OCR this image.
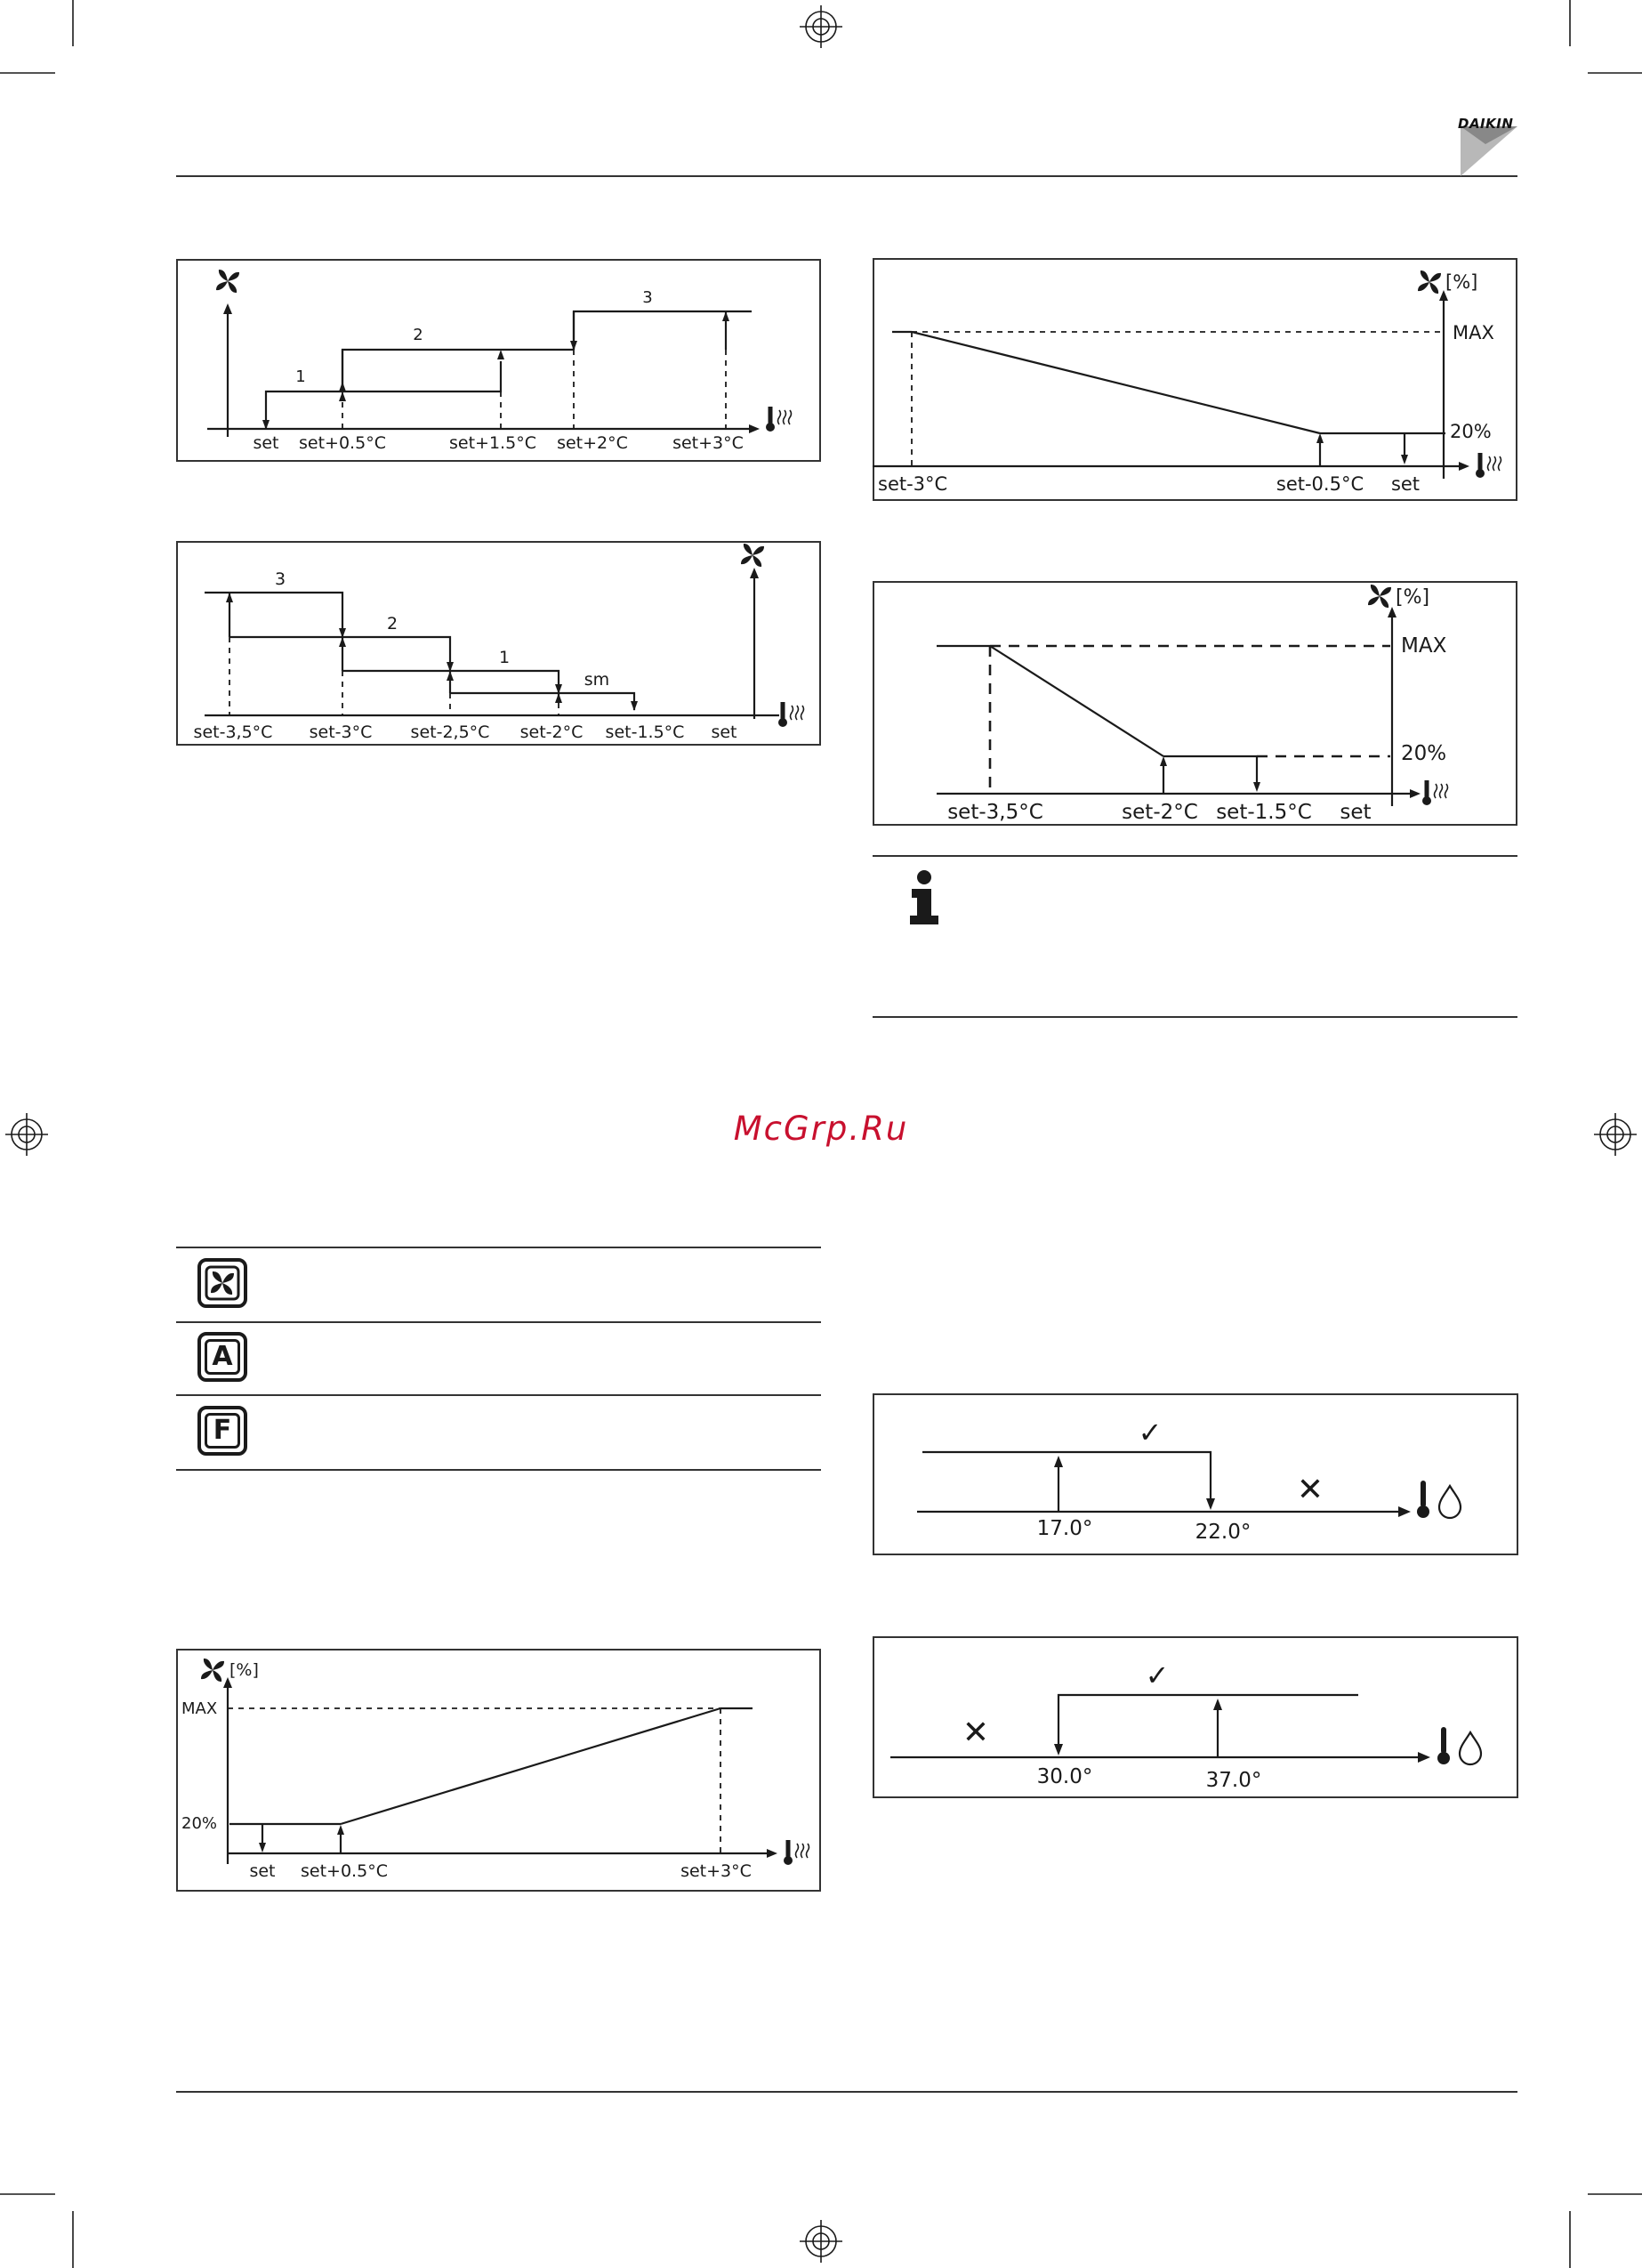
DAIKIN
1
2
3
set set+0.5°C	set+1.5°C set+2°C	set+3°C
3
2
1
sm
set-3,5°C set-3°C set-2,5°C set-2°C set-1.5°C set
[%]
MAX
20%
set-3°C	set-0.5°C set
[%]
MAX
20%
set-3,5°C	set-2°C set-1.5°C set
McGrp.Ru
A
F
[%]
MAX
20%
set set+0.5°C	set+3°C
✓
✕
17.0°	22.0°
✓
✕
30.0°	37.0°
